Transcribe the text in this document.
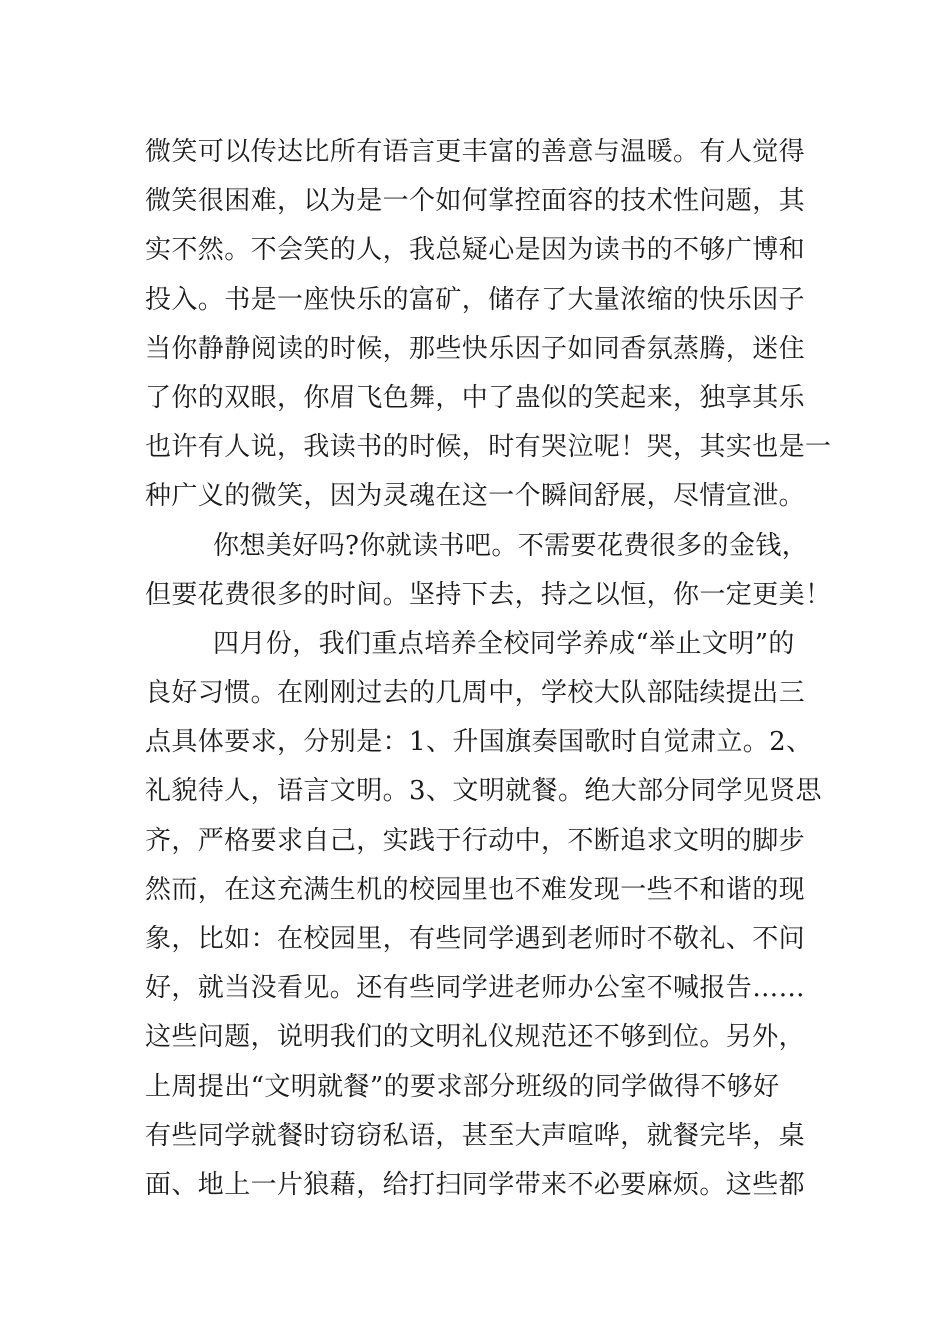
微笑可以传达比所有语言更丰富的善意与温暖。有人觉得
微笑很困难，以为是一个如何掌控面容的技术性问题，其
实不然。不会笑的人，我总疑心是因为读书的不够广博和
投入。书是一座快乐的富矿，储存了大量浓缩的快乐因子
当你静静阅读的时候，那些快乐因子如同香氛蒸腾，迷住
了你的双眼，你眉飞色舞，中了蛊似的笑起来，独享其乐
也许有人说，我读书的时候，时有哭泣呢！哭，其实也是一
种广义的微笑，因为灵魂在这一个瞬间舒展，尽情宣泄。
你想美好吗?你就读书吧。不需要花费很多的金钱，
但要花费很多的时间。坚持下去，持之以恒，你一定更美！
四月份，我们重点培养全校同学养成“举止文明”的
良好习惯。在刚刚过去的几周中，学校大队部陆续提出三
点具体要求，分别是：1、升国旗奏国歌时自觉肃立。2、
礼貌待人，语言文明。3、文明就餐。绝大部分同学见贤思
齐，严格要求自己，实践于行动中，不断追求文明的脚步
然而，在这充满生机的校园里也不难发现一些不和谐的现
象，比如：在校园里，有些同学遇到老师时不敬礼、不问
好，就当没看见。还有些同学进老师办公室不喊报告……
这些问题，说明我们的文明礼仪规范还不够到位。另外，
上周提出“文明就餐”的要求部分班级的同学做得不够好
有些同学就餐时窃窃私语，甚至大声喧哗，就餐完毕，桌
面、地上一片狼藉，给打扫同学带来不必要麻烦。这些都
